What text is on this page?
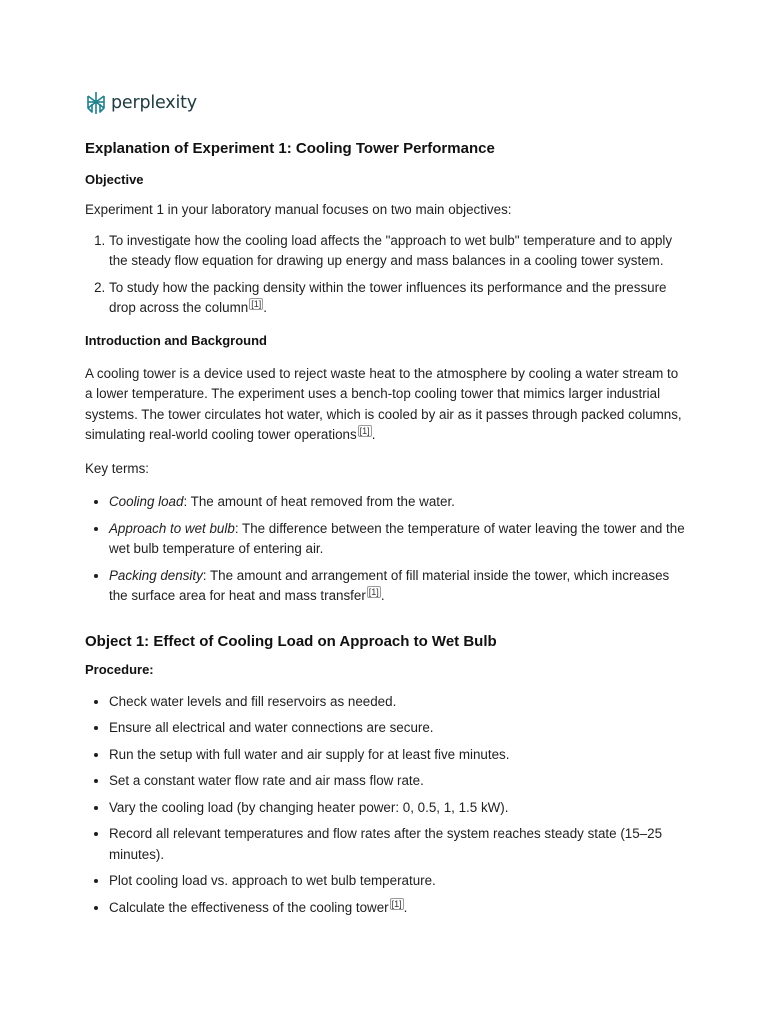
perplexity
Explanation of Experiment 1: Cooling Tower Performance
Objective

Experiment 1 in your laboratory manual focuses on two main objectives:

1. To investigate how the cooling load affects the "approach to wet bulb" temperature and to apply the steady flow equation for drawing up energy and mass balances in a cooling tower system.
2. To study how the packing density within the tower influences its performance and the pressure drop across the column [1] .
Introduction and Background

A cooling tower is a device used to reject waste heat to the atmosphere by cooling a water stream to a lower temperature. The experiment uses a bench-top cooling tower that mimics larger industrial systems. The tower circulates hot water, which is cooled by air as it passes through packed columns, simulating real-world cooling tower operations [1] .

Key terms:

• Cooling load: The amount of heat removed from the water.
• Approach to wet bulb: The difference between the temperature of water leaving the tower and the wet bulb temperature of entering air.
• Packing density: The amount and arrangement of fill material inside the tower, which increases the surface area for heat and mass transfer [1] .
Object 1: Effect of Cooling Load on Approach to Wet Bulb
Procedure:
• Check water levels and fill reservoirs as needed.
• Ensure all electrical and water connections are secure.
• Run the setup with full water and air supply for at least five minutes.
• Set a constant water flow rate and air mass flow rate.
• Vary the cooling load (by changing heater power: 0, 0.5, 1, 1.5 kW).
• Record all relevant temperatures and flow rates after the system reaches steady state (15–25 minutes).
• Plot cooling load vs. approach to wet bulb temperature.
• Calculate the effectiveness of the cooling tower [1] .
